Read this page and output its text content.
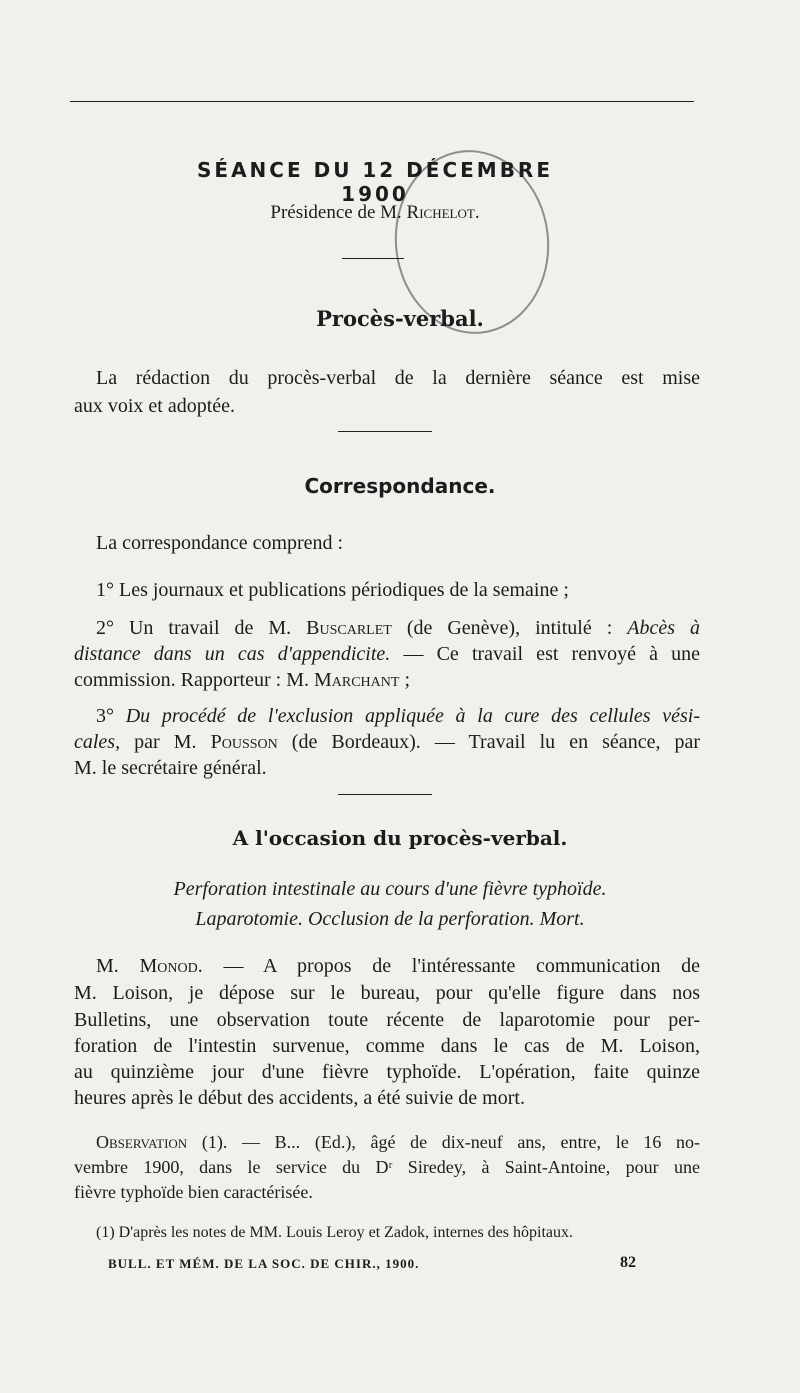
SÉANCE DU 12 DÉCEMBRE 1900
Présidence de M. Richelot.
Procès-verbal.
La rédaction du procès-verbal de la dernière séance est mise
aux voix et adoptée.
Correspondance.
La correspondance comprend :
1° Les journaux et publications périodiques de la semaine ;
2° Un travail de M. Buscarlet (de Genève), intitulé : Abcès à
distance dans un cas d'appendicite. — Ce travail est renvoyé à une
commission. Rapporteur : M. Marchant ;
3° Du procédé de l'exclusion appliquée à la cure des cellules vési-
cales, par M. Pousson (de Bordeaux). — Travail lu en séance, par
M. le secrétaire général.
A l'occasion du procès-verbal.
Perforation intestinale au cours d'une fièvre typhoïde.
Laparotomie. Occlusion de la perforation. Mort.
M. Monod. — A propos de l'intéressante communication de
M. Loison, je dépose sur le bureau, pour qu'elle figure dans nos
Bulletins, une observation toute récente de laparotomie pour per-
foration de l'intestin survenue, comme dans le cas de M. Loison,
au quinzième jour d'une fièvre typhoïde. L'opération, faite quinze
heures après le début des accidents, a été suivie de mort.
Observation (1). — B... (Ed.), âgé de dix-neuf ans, entre, le 16 no-
vembre 1900, dans le service du Dʳ Siredey, à Saint-Antoine, pour une
fièvre typhoïde bien caractérisée.
(1) D'après les notes de MM. Louis Leroy et Zadok, internes des hôpitaux.
BULL. ET MÉM. DE LA SOC. DE CHIR., 1900.	82
